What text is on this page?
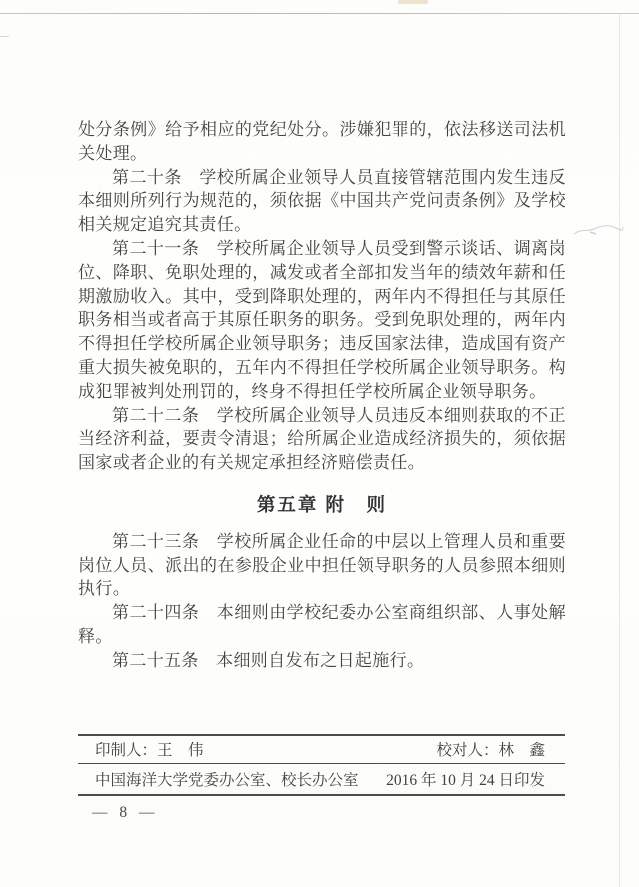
处分条例》给予相应的党纪处分。涉嫌犯罪的，依法移送司法机关处理。

第二十条　学校所属企业领导人员直接管辖范围内发生违反本细则所列行为规范的，须依据《中国共产党问责条例》及学校相关规定追究其责任。

第二十一条　学校所属企业领导人员受到警示谈话、调离岗位、降职、免职处理的，减发或者全部扣发当年的绩效年薪和任期激励收入。其中，受到降职处理的，两年内不得担任与其原任职务相当或者高于其原任职务的职务。受到免职处理的，两年内不得担任学校所属企业领导职务；违反国家法律，造成国有资产重大损失被免职的，五年内不得担任学校所属企业领导职务。构成犯罪被判处刑罚的，终身不得担任学校所属企业领导职务。

第二十二条　学校所属企业领导人员违反本细则获取的不正当经济利益，要责令清退；给所属企业造成经济损失的，须依据国家或者企业的有关规定承担经济赔偿责任。

第五章 附　则

第二十三条　学校所属企业任命的中层以上管理人员和重要岗位人员、派出的在参股企业中担任领导职务的人员参照本细则执行。

第二十四条　本细则由学校纪委办公室商组织部、人事处解释。

第二十五条　本细则自发布之日起施行。

印制人：王　伟	校对人：林　鑫
中国海洋大学党委办公室、校长办公室 2016 年 10 月 24 日印发
— 8 —
